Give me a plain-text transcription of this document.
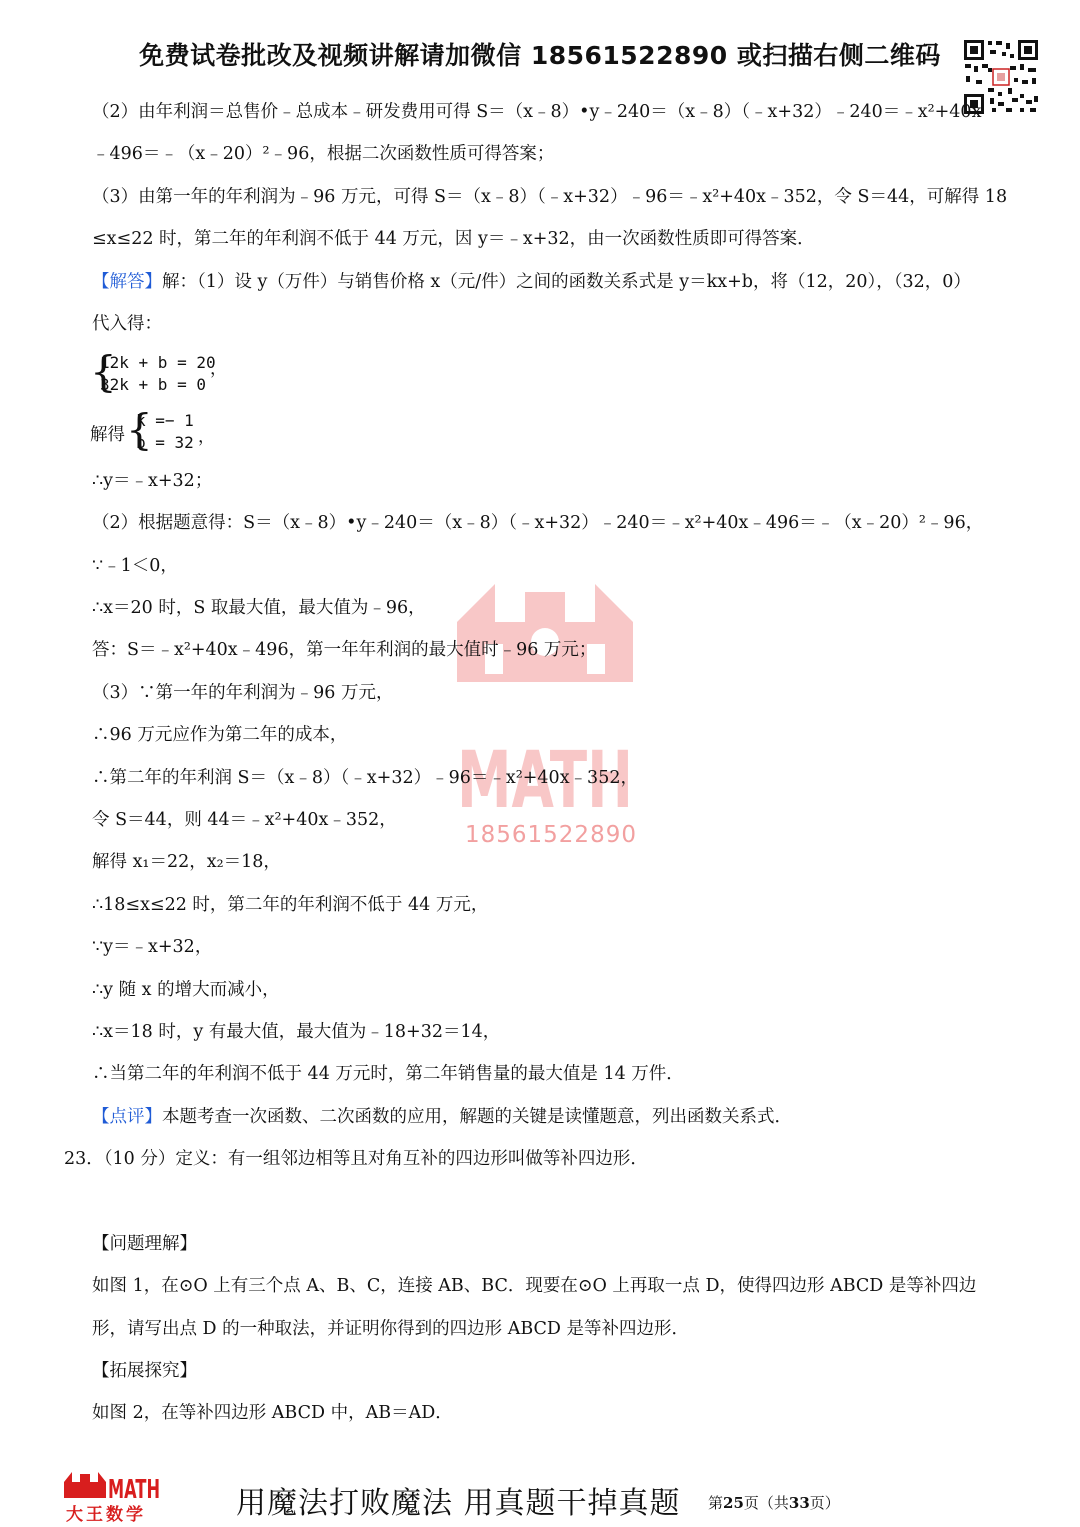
免费试卷批改及视频讲解请加微信 18561522890 或扫描右侧二维码
MATH
18561522890
（2）由年利润＝总售价﹣总成本﹣研发费用可得 S＝（x﹣8）•y﹣240＝（x﹣8）（﹣x+32）﹣240＝﹣x²+40x
﹣496＝﹣（x﹣20）²﹣96，根据二次函数性质可得答案；
（3）由第一年的年利润为﹣96 万元，可得 S＝（x﹣8）（﹣x+32）﹣96＝﹣x²+40x﹣352，令 S＝44，可解得 18
≤x≤22 时，第二年的年利润不低于 44 万元，因 y＝﹣x+32，由一次函数性质即可得答案．
【解答】解：（1）设 y（万件）与销售价格 x（元/件）之间的函数关系式是 y＝kx+b，将（12，20），（32，0）
代入得：
{
12k + b = 20
32k + b = 0
，
解得 {
k =− 1
b = 32 ，
∴y＝﹣x+32；
（2）根据题意得：S＝（x﹣8）•y﹣240＝（x﹣8）（﹣x+32）﹣240＝﹣x²+40x﹣496＝﹣（x﹣20）²﹣96，
∵﹣1＜0，
∴x＝20 时，S 取最大值，最大值为﹣96，
答：S＝﹣x²+40x﹣496，第一年年利润的最大值时﹣96 万元；
（3）∵第一年的年利润为﹣96 万元，
∴96 万元应作为第二年的成本，
∴第二年的年利润 S＝（x﹣8）（﹣x+32）﹣96＝﹣x²+40x﹣352，
令 S＝44，则 44＝﹣x²+40x﹣352，
解得 x₁＝22，x₂＝18，
∴18≤x≤22 时，第二年的年利润不低于 44 万元，
∵y＝﹣x+32，
∴y 随 x 的增大而减小，
∴x＝18 时，y 有最大值，最大值为﹣18+32＝14，
∴当第二年的年利润不低于 44 万元时，第二年销售量的最大值是 14 万件．
【点评】本题考查一次函数、二次函数的应用，解题的关键是读懂题意，列出函数关系式．
23．（10 分）定义：有一组邻边相等且对角互补的四边形叫做等补四边形．
【问题理解】
如图 1，在⊙O 上有三个点 A、B、C，连接 AB、BC．现要在⊙O 上再取一点 D，使得四边形 ABCD 是等补四边
形，请写出点 D 的一种取法，并证明你得到的四边形 ABCD 是等补四边形．
【拓展探究】
如图 2，在等补四边形 ABCD 中，AB＝AD．
MATH
大王数学	用魔法打败魔法 用真题干掉真题 第25页（共33页）
